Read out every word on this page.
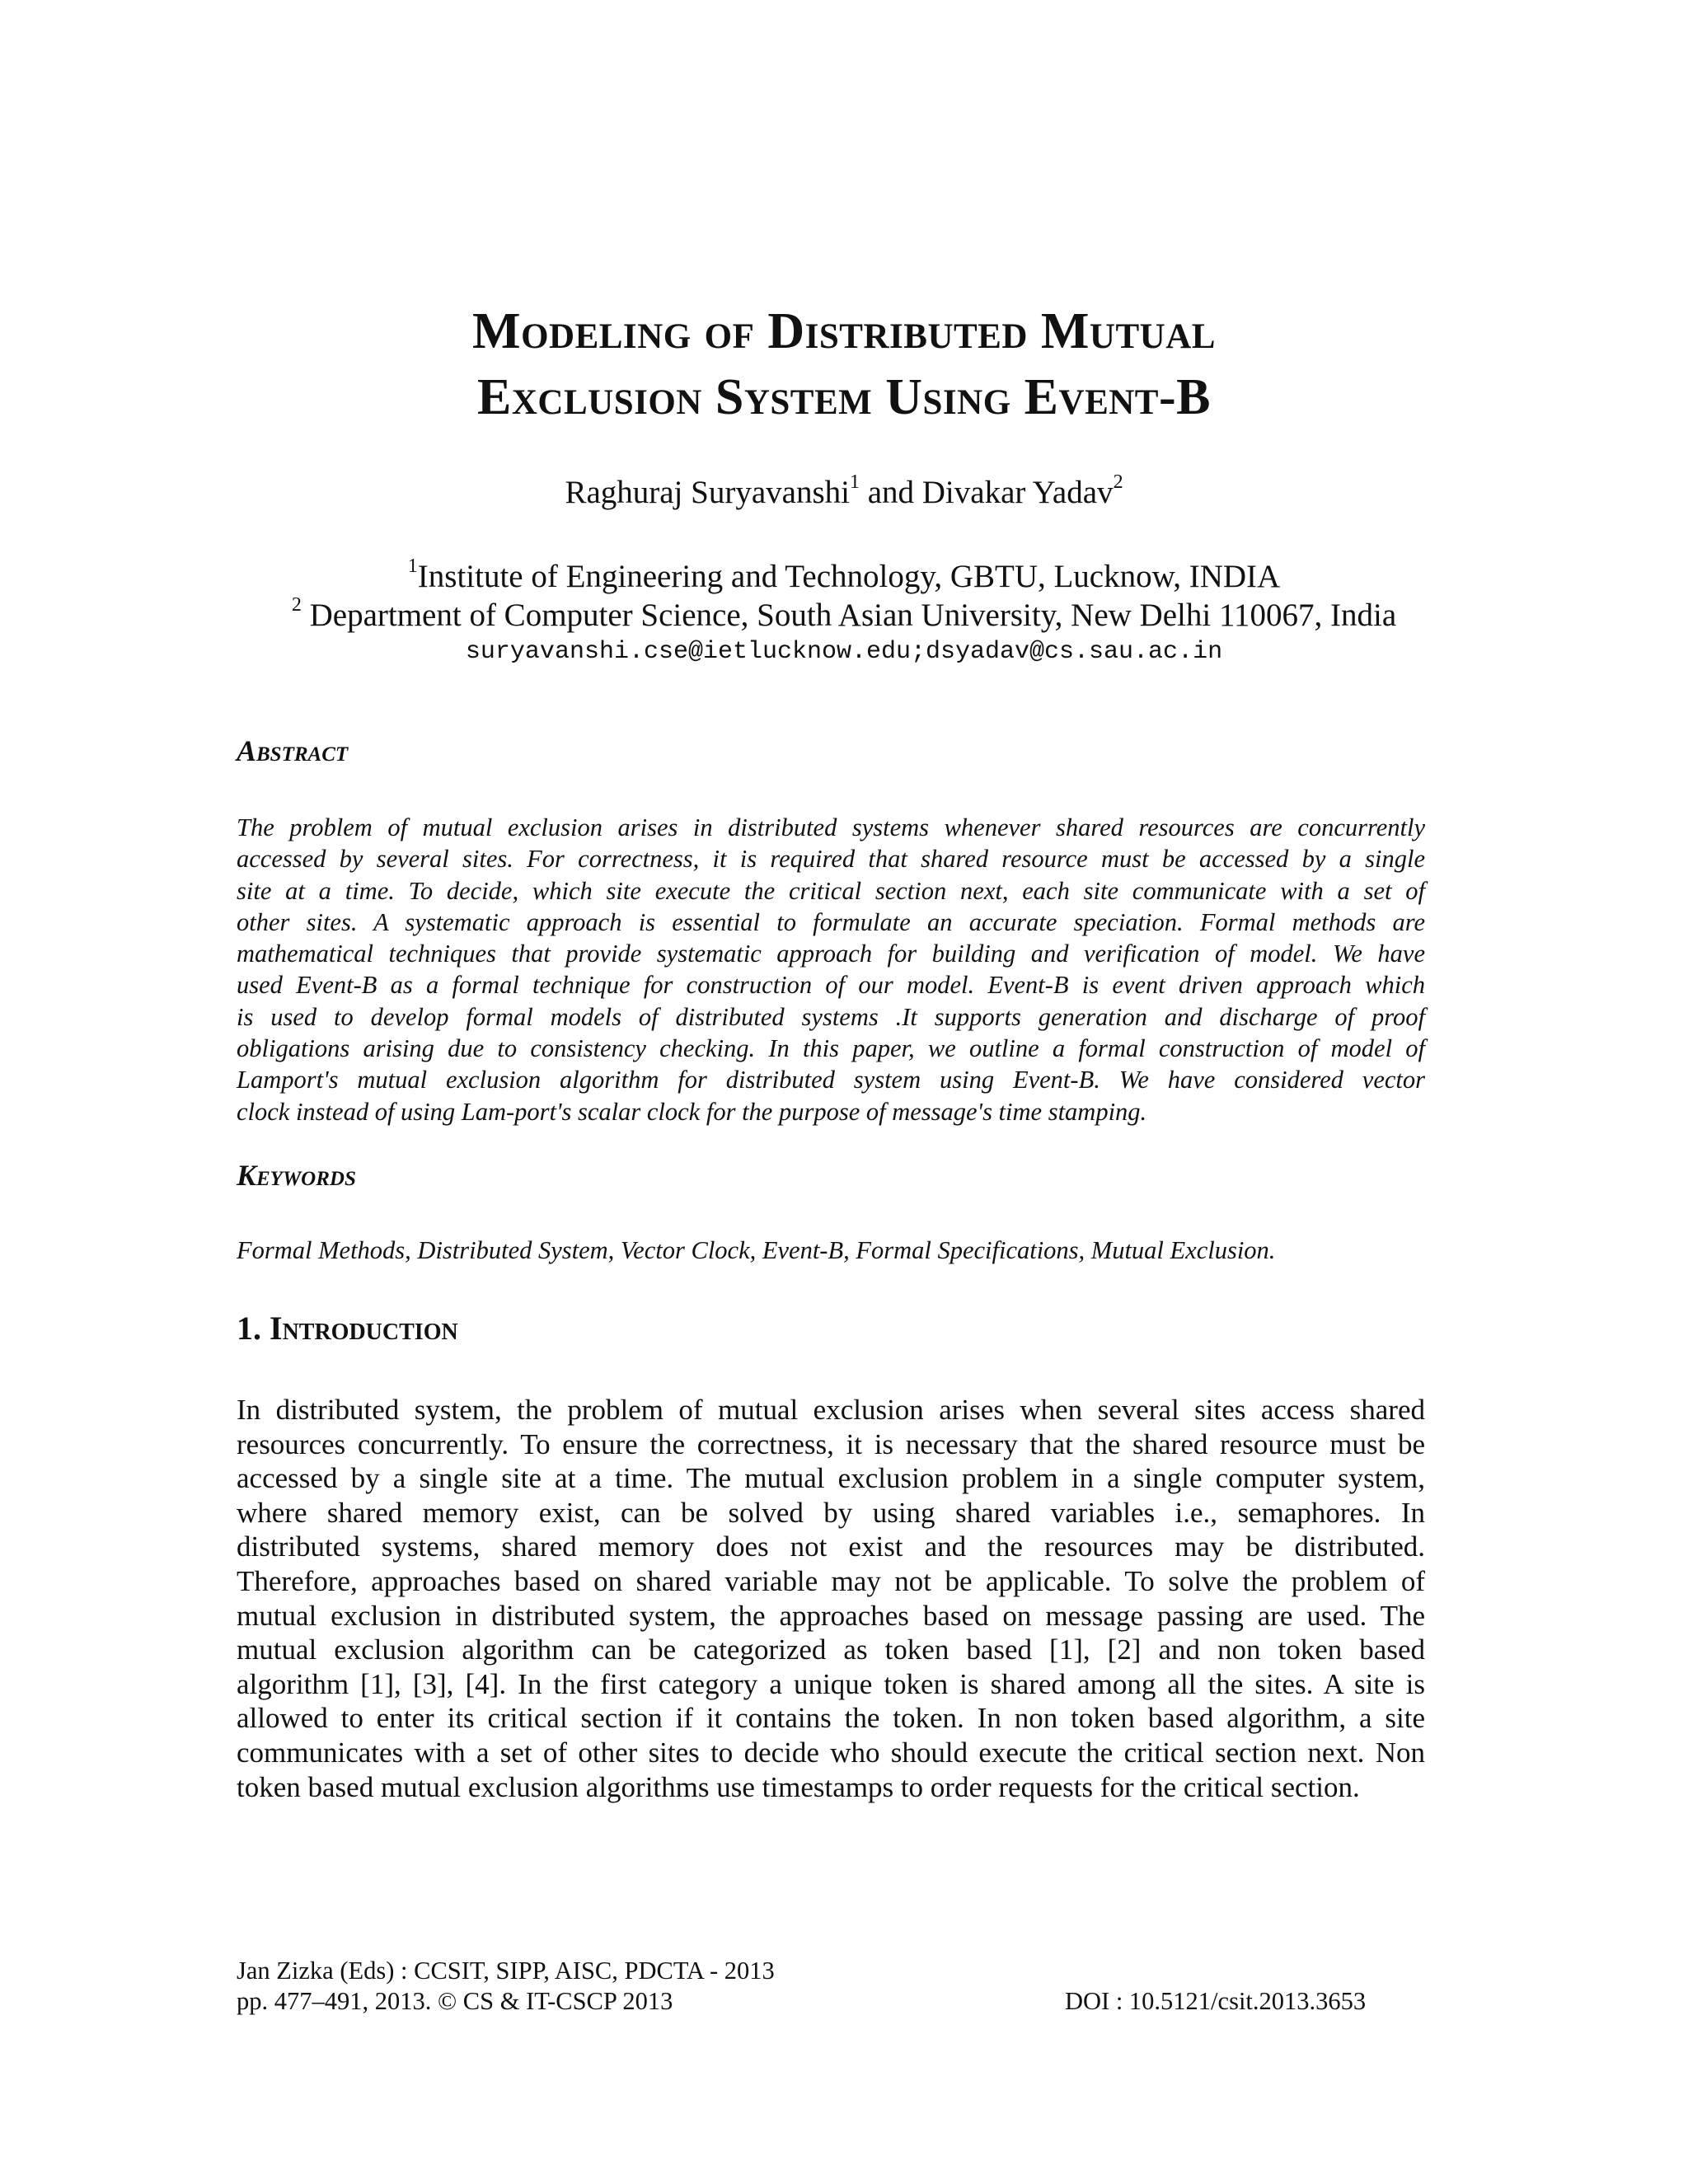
Modeling of Distributed Mutual
Exclusion System Using Event-B
Raghuraj Suryavanshi$^1$ and Divakar Yadav$^2$
$^1$Institute of Engineering and Technology, GBTU, Lucknow, INDIA
$^2$ Department of Computer Science, South Asian University, New Delhi 110067, India
suryavanshi.cse@ietlucknow.edu;dsyadav@cs.sau.ac.in
Abstract
The problem of mutual exclusion arises in distributed systems whenever shared resources are concurrently
accessed by several sites. For correctness, it is required that shared resource must be accessed by a single
site at a time. To decide, which site execute the critical section next, each site communicate with a set of
other sites. A systematic approach is essential to formulate an accurate speciation. Formal methods are
mathematical techniques that provide systematic approach for building and verification of model. We have
used Event-B as a formal technique for construction of our model. Event-B is event driven approach which
is used to develop formal models of distributed systems .It supports generation and discharge of proof
obligations arising due to consistency checking. In this paper, we outline a formal construction of model of
Lamport's mutual exclusion algorithm for distributed system using Event-B. We have considered vector
clock instead of using Lam-port's scalar clock for the purpose of message's time stamping.
Keywords
Formal Methods, Distributed System, Vector Clock, Event-B, Formal Specifications, Mutual Exclusion.
1. Introduction
In distributed system, the problem of mutual exclusion arises when several sites access shared
resources concurrently. To ensure the correctness, it is necessary that the shared resource must be
accessed by a single site at a time. The mutual exclusion problem in a single computer system,
where shared memory exist, can be solved by using shared variables i.e., semaphores. In
distributed systems, shared memory does not exist and the resources may be distributed.
Therefore, approaches based on shared variable may not be applicable. To solve the problem of
mutual exclusion in distributed system, the approaches based on message passing are used. The
mutual exclusion algorithm can be categorized as token based [1], [2] and non token based
algorithm [1], [3], [4]. In the first category a unique token is shared among all the sites. A site is
allowed to enter its critical section if it contains the token. In non token based algorithm, a site
communicates with a set of other sites to decide who should execute the critical section next. Non
token based mutual exclusion algorithms use timestamps to order requests for the critical section.
Jan Zizka (Eds) : CCSIT, SIPP, AISC, PDCTA - 2013
pp. 477–491, 2013. © CS & IT-CSCP 2013	DOI : 10.5121/csit.2013.3653
